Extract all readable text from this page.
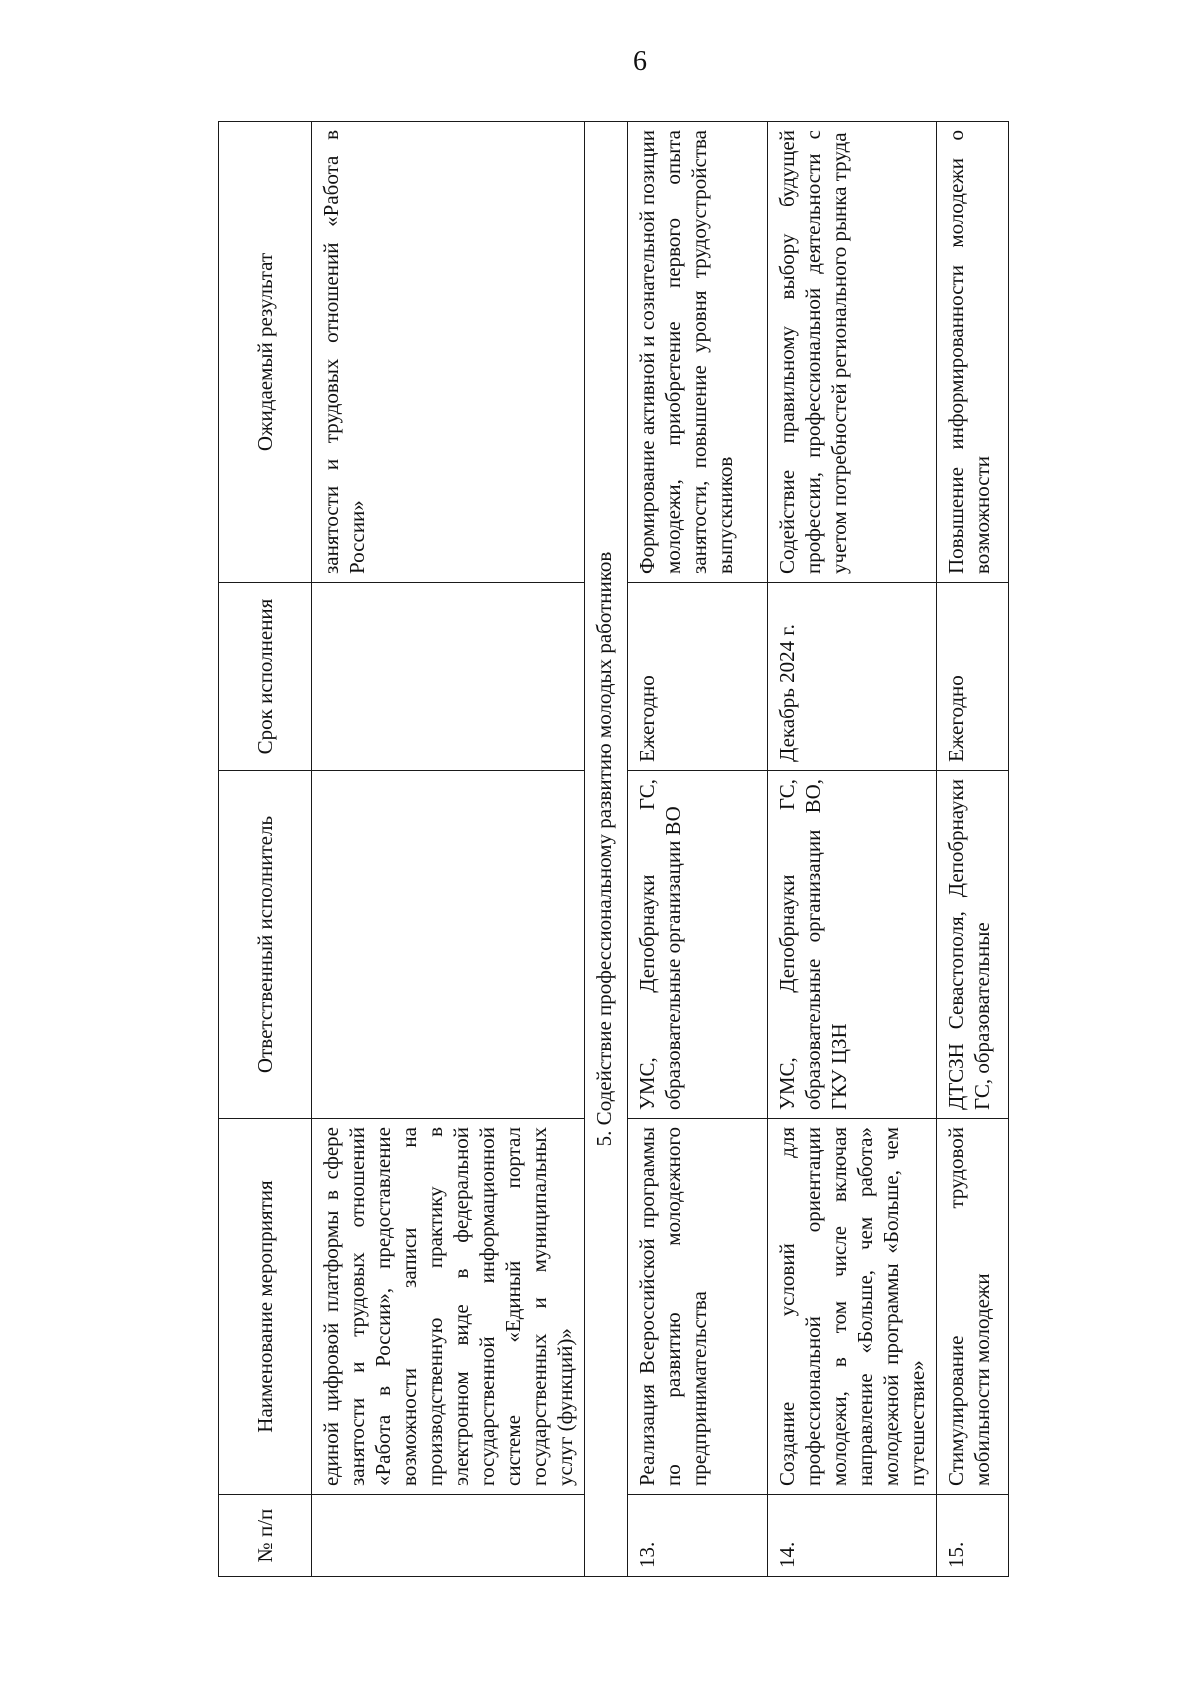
6
№ п/п	Наименование мероприятия	Ответственный исполнитель	Срок исполнения	Ожидаемый результат
	единой цифровой платформы в сфере занятости и трудовых отношений «Работа в России», предоставление возможности записи на производственную практику в электронном виде в федеральной государственной информационной системе «Единый портал государственных и муниципальных услуг (функций)»			занятости и трудовых отношений «Работа в России»
5. Содействие профессиональному развитию молодых работников				
13.	Реализация Всероссийской программы по развитию молодежного предпринимательства	УМС, Депобрнауки ГС, образовательные организации ВО	Ежегодно	Формирование активной и сознательной позиции молодежи, приобретение первого опыта занятости, повышение уровня трудоустройства выпускников
14.	Создание условий для профессиональной ориентации молодежи, в том числе включая направление «Больше, чем работа» молодежной программы «Больше, чем путешествие»	УМС, Депобрнауки ГС, образовательные организации ВО, ГКУ ЦЗН	Декабрь 2024 г.	Содействие правильному выбору будущей профессии, профессиональной деятельности с учетом потребностей регионального рынка труда
15.	Стимулирование трудовой мобильности молодежи	ДТСЗН Севастополя, Депобрнауки ГС, образовательные	Ежегодно	Повышение информированности молодежи о возможности
